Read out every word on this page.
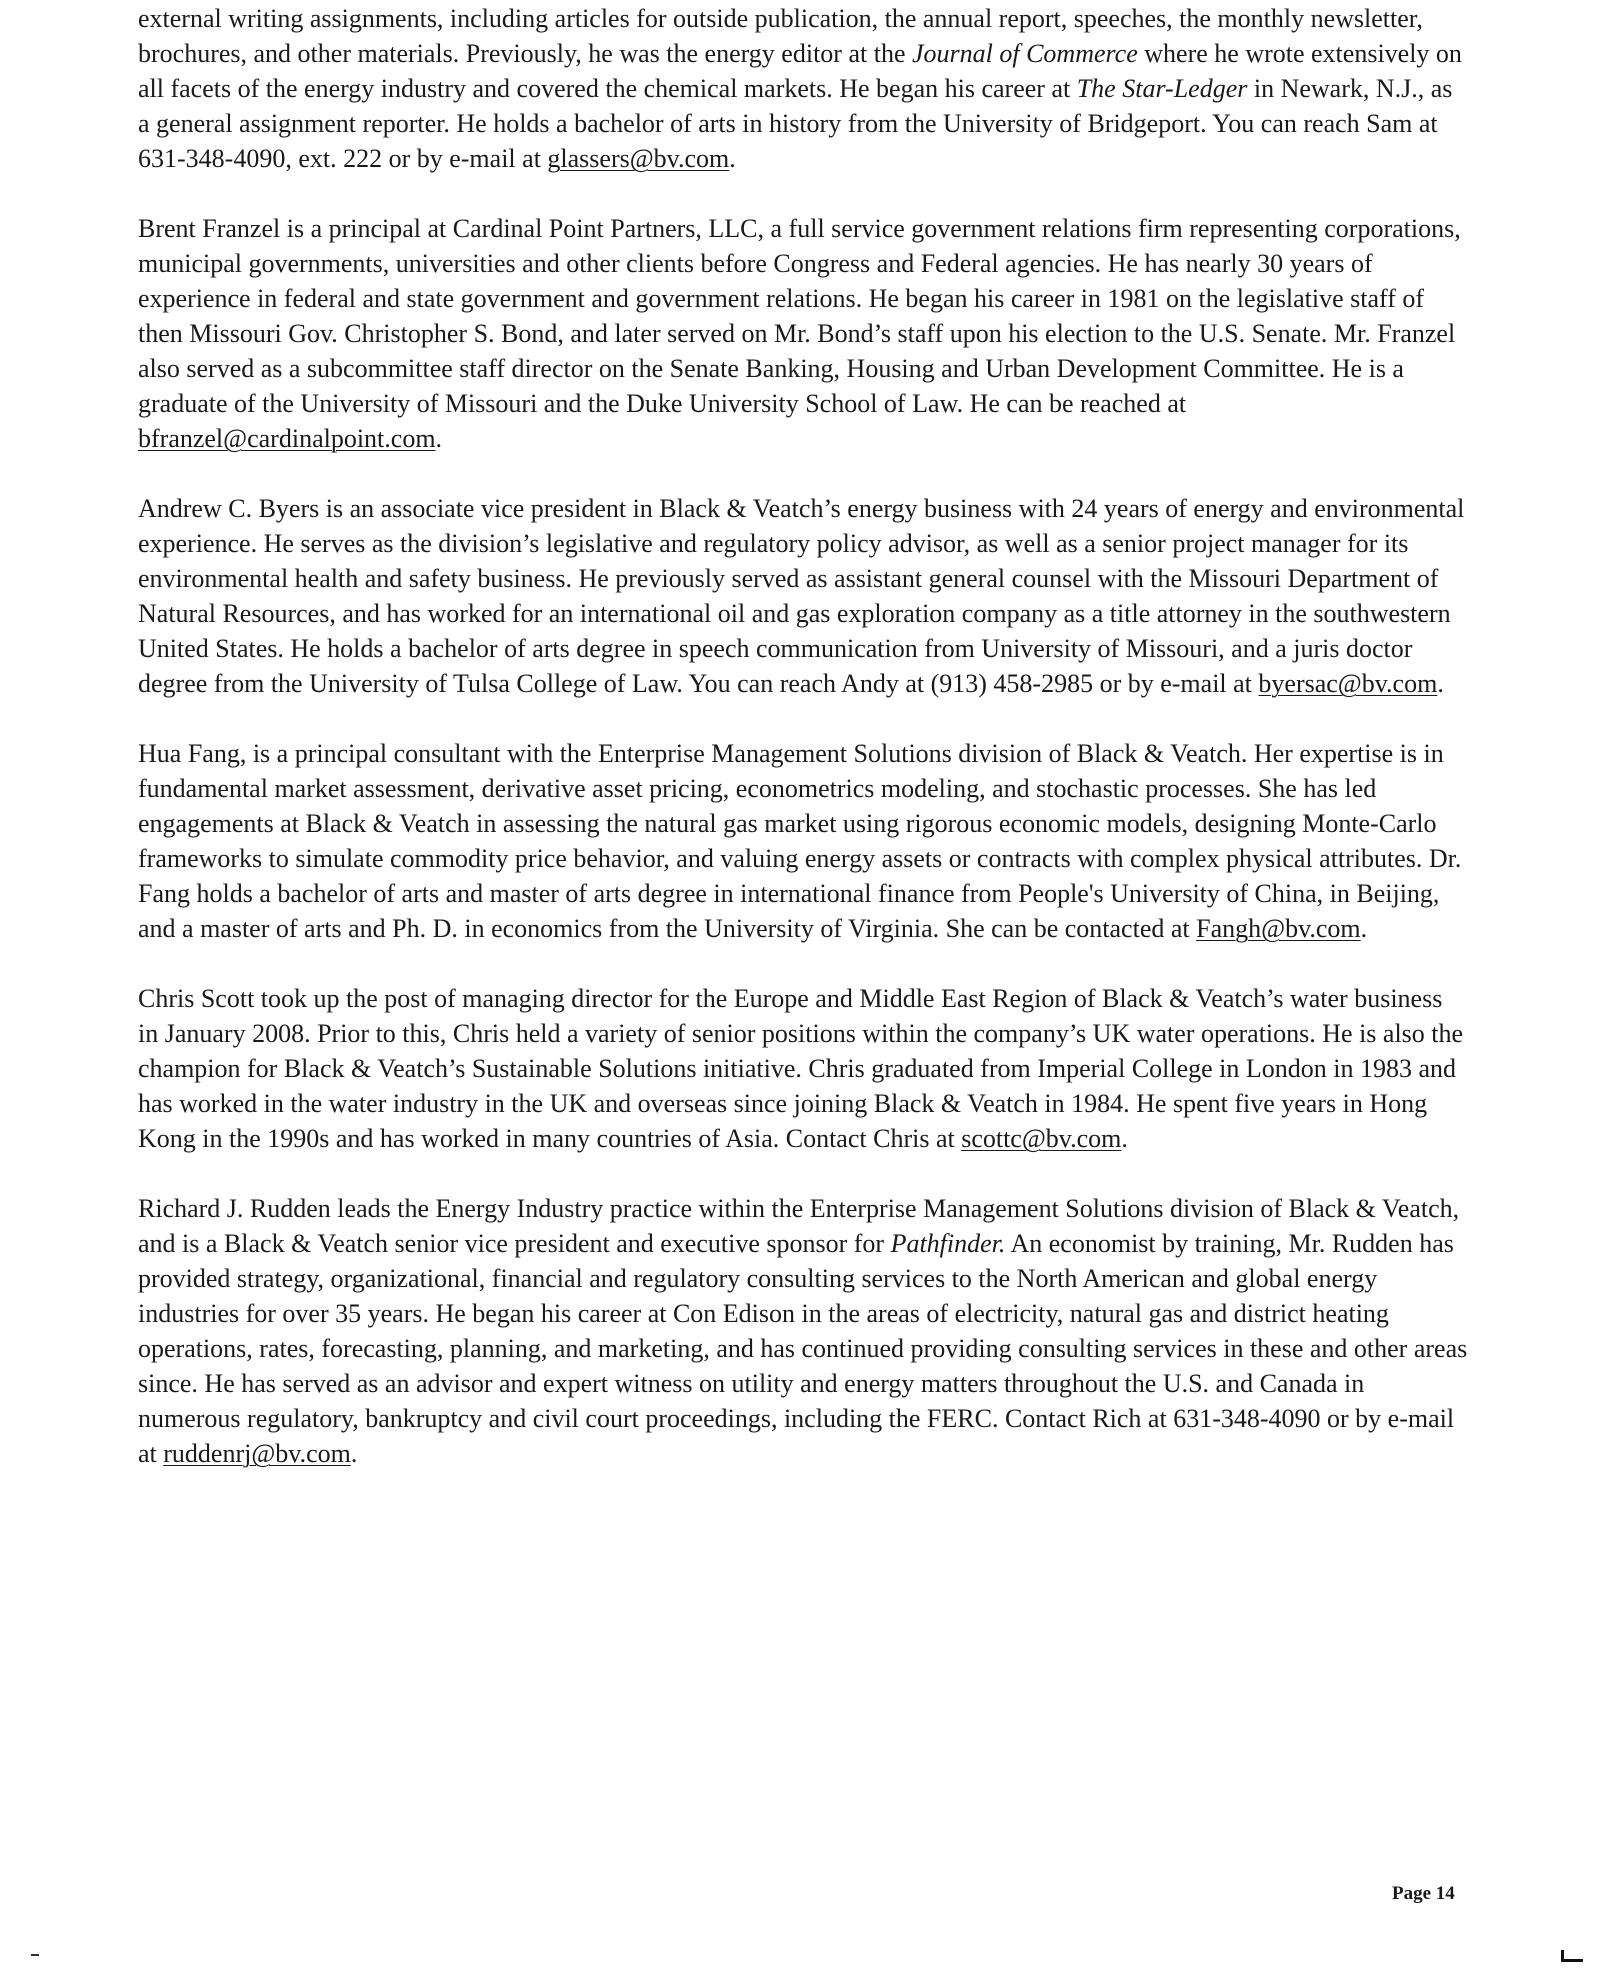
external writing assignments, including articles for outside publication, the annual report, speeches, the monthly newsletter, brochures, and other materials. Previously, he was the energy editor at the Journal of Commerce where he wrote extensively on all facets of the energy industry and covered the chemical markets. He began his career at The Star-Ledger in Newark, N.J., as a general assignment reporter. He holds a bachelor of arts in history from the University of Bridgeport. You can reach Sam at 631-348-4090, ext. 222 or by e-mail at glassers@bv.com.

Brent Franzel is a principal at Cardinal Point Partners, LLC, a full service government relations firm representing corporations, municipal governments, universities and other clients before Congress and Federal agencies. He has nearly 30 years of experience in federal and state government and government relations. He began his career in 1981 on the legislative staff of then Missouri Gov. Christopher S. Bond, and later served on Mr. Bond’s staff upon his election to the U.S. Senate. Mr. Franzel also served as a subcommittee staff director on the Senate Banking, Housing and Urban Development Committee. He is a graduate of the University of Missouri and the Duke University School of Law. He can be reached at bfranzel@cardinalpoint.com.

Andrew C. Byers is an associate vice president in Black & Veatch’s energy business with 24 years of energy and environmental experience. He serves as the division’s legislative and regulatory policy advisor, as well as a senior project manager for its environmental health and safety business. He previously served as assistant general counsel with the Missouri Department of Natural Resources, and has worked for an international oil and gas exploration company as a title attorney in the southwestern United States. He holds a bachelor of arts degree in speech communication from University of Missouri, and a juris doctor degree from the University of Tulsa College of Law. You can reach Andy at (913) 458-2985 or by e-mail at byersac@bv.com.

Hua Fang, is a principal consultant with the Enterprise Management Solutions division of Black & Veatch. Her expertise is in fundamental market assessment, derivative asset pricing, econometrics modeling, and stochastic processes. She has led engagements at Black & Veatch in assessing the natural gas market using rigorous economic models, designing Monte-Carlo frameworks to simulate commodity price behavior, and valuing energy assets or contracts with complex physical attributes. Dr. Fang holds a bachelor of arts and master of arts degree in international finance from People's University of China, in Beijing, and a master of arts and Ph. D. in economics from the University of Virginia. She can be contacted at Fangh@bv.com.

Chris Scott took up the post of managing director for the Europe and Middle East Region of Black & Veatch’s water business in January 2008. Prior to this, Chris held a variety of senior positions within the company’s UK water operations. He is also the champion for Black & Veatch’s Sustainable Solutions initiative. Chris graduated from Imperial College in London in 1983 and has worked in the water industry in the UK and overseas since joining Black & Veatch in 1984. He spent five years in Hong Kong in the 1990s and has worked in many countries of Asia. Contact Chris at scottc@bv.com.

Richard J. Rudden leads the Energy Industry practice within the Enterprise Management Solutions division of Black & Veatch, and is a Black & Veatch senior vice president and executive sponsor for Pathfinder. An economist by training, Mr. Rudden has provided strategy, organizational, financial and regulatory consulting services to the North American and global energy industries for over 35 years. He began his career at Con Edison in the areas of electricity, natural gas and district heating operations, rates, forecasting, planning, and marketing, and has continued providing consulting services in these and other areas since. He has served as an advisor and expert witness on utility and energy matters throughout the U.S. and Canada in numerous regulatory, bankruptcy and civil court proceedings, including the FERC. Contact Rich at 631-348-4090 or by e-mail at ruddenrj@bv.com.

Page 14
